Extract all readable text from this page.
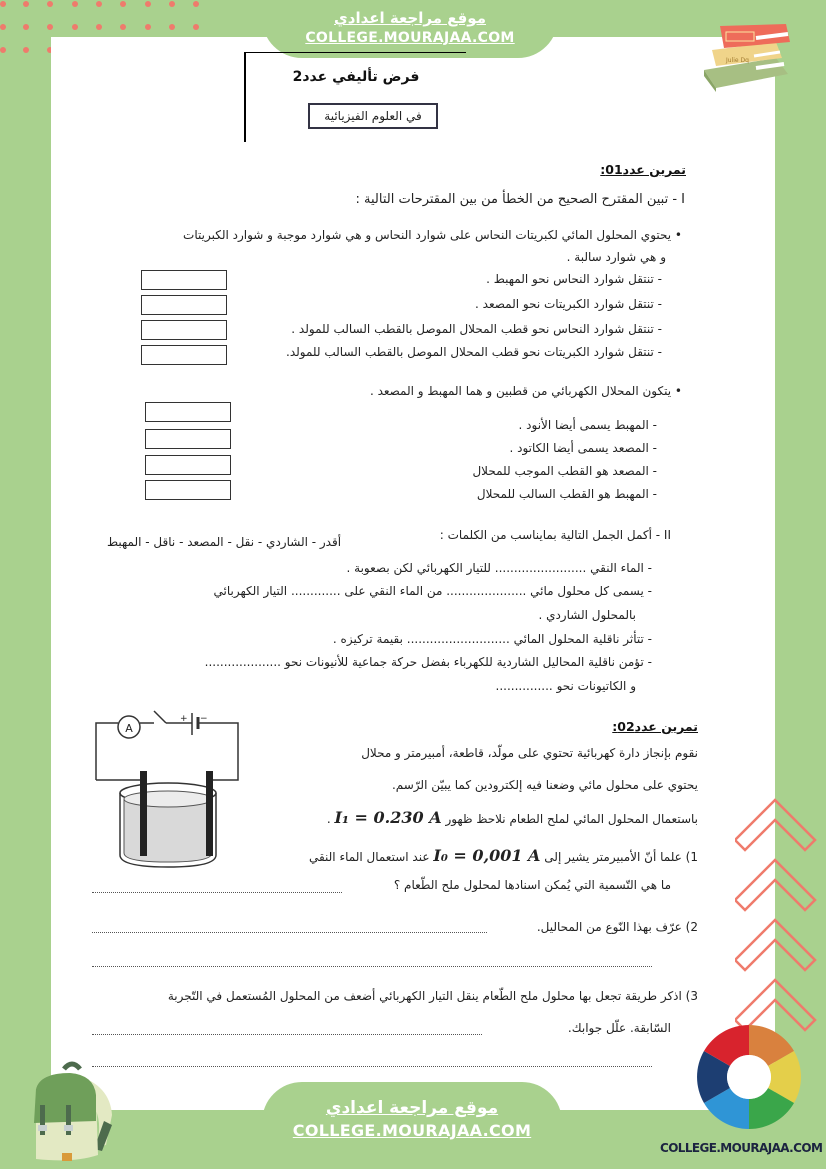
موقع مراجعة اعدادي
COLLEGE.MOURAJAA.COM
Julie Dq
فرض تأليفي عدد2
في العلوم الفيزيائية
تمرين عدد01:
I - تبين المقترح الصحيح من الخطأ من بين المقترحات التالية :
• يحتوي المحلول المائي لكبريتات النحاس على شوارد النحاس و هي شوارد موجبة و شوارد الكبريتات
و هي شوارد سالبة .
- تنتقل شوارد النحاس نحو المهبط .
- تنتقل شوارد الكبريتات نحو المصعد .
- تنتقل شوارد النحاس نحو قطب المحلال الموصل بالقطب السالب للمولد .
- تنتقل شوارد الكبريتات نحو قطب المحلال الموصل بالقطب السالب للمولد.
• يتكون المحلال الكهربائي من قطبين و هما المهبط و المصعد .
- المهبط يسمى أيضا الأنود .
- المصعد يسمى أيضا الكاتود .
- المصعد هو القطب الموجب للمحلال
- المهبط هو القطب السالب للمحلال
II - أكمل الجمل التالية بمايناسب من الكلمات :
أقدر - الشاردي - نقل - المصعد - ناقل - المهبط
- الماء النقي ........................ للتيار الكهربائي لكن بصعوبة .
- يسمى كل محلول مائي ..................... من الماء النقي على ............. التيار الكهربائي
بالمحلول الشاردي .
- تتأثر ناقلية المحلول المائي ........................... بقيمة تركيزه .
- تؤمن ناقلية المحاليل الشاردية للكهرباء بفضل حركة جماعية للأنيونات نحو ....................
و الكاتيونات نحو ...............
A
+ −	تمرين عدد02:
نقوم بإنجاز دارة كهربائية تحتوي على مولّد، قاطعة، أمبيرمتر و محلال
يحتوي على محلول مائي وضعنا فيه إلكترودين كما يبيّن الرّسم.
باستعمال المحلول المائي لملح الطعام نلاحظ ظهور I₁ = 0.230 A .
1) علما أنّ الأمبيرمتر يشير إلى I₀ = 0,001 A عند استعمال الماء النقي
ما هي التّسمية التي يُمكن اسنادها لمحلول ملح الطّعام ؟
2) عرّف بهذا النّوع من المحاليل.
3) اذكر طريقة تجعل بها محلول ملح الطّعام ينقل التيار الكهربائي أضعف من المحلول المُستعمل في التّجربة
السّابقة. علّل جوابك.
COLLEGE.MOURAJAA.COM
موقع مراجعة اعدادي
COLLEGE.MOURAJAA.COM
